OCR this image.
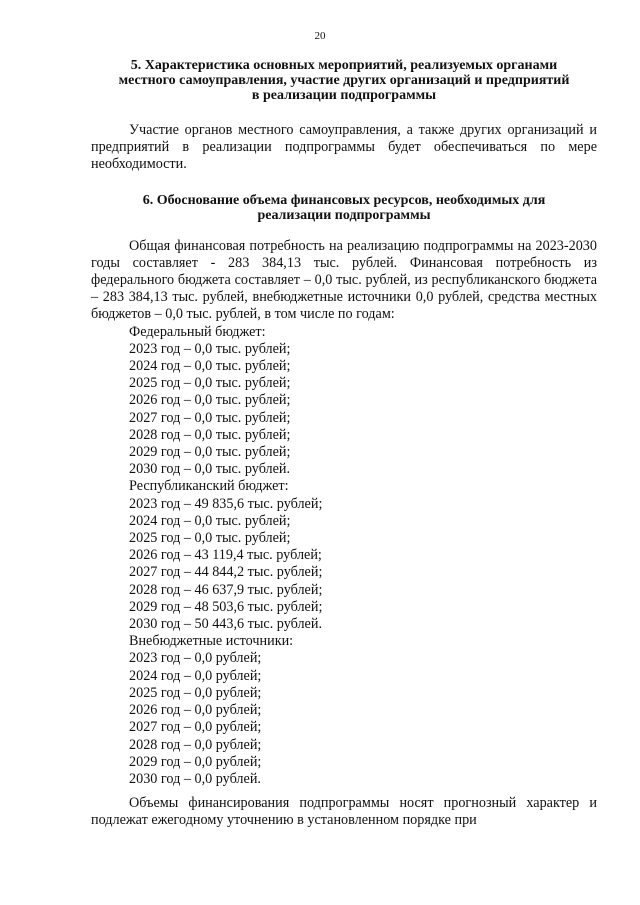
20
5. Характеристика основных мероприятий, реализуемых органами
местного самоуправления, участие других организаций и предприятий
в реализации подпрограммы

Участие органов местного самоуправления, а также других организаций и предприятий в реализации подпрограммы будет обеспечиваться по мере необходимости.

6. Обоснование объема финансовых ресурсов, необходимых для
реализации подпрограммы

Общая финансовая потребность на реализацию подпрограммы на 2023-2030 годы составляет - 283 384,13 тыс. рублей. Финансовая потребность из федерального бюджета составляет – 0,0 тыс. рублей, из республиканского бюджета – 283 384,13 тыс. рублей, внебюджетные источники 0,0 рублей, средства местных бюджетов – 0,0 тыс. рублей, в том числе по годам:

Федеральный бюджет:
2023 год – 0,0 тыс. рублей;
2024 год – 0,0 тыс. рублей;
2025 год – 0,0 тыс. рублей;
2026 год – 0,0 тыс. рублей;
2027 год – 0,0 тыс. рублей;
2028 год – 0,0 тыс. рублей;
2029 год – 0,0 тыс. рублей;
2030 год – 0,0 тыс. рублей.
Республиканский бюджет:
2023 год – 49 835,6 тыс. рублей;
2024 год – 0,0 тыс. рублей;
2025 год – 0,0 тыс. рублей;
2026 год – 43 119,4 тыс. рублей;
2027 год – 44 844,2 тыс. рублей;
2028 год – 46 637,9 тыс. рублей;
2029 год – 48 503,6 тыс. рублей;
2030 год – 50 443,6 тыс. рублей.
Внебюджетные источники:
2023 год – 0,0 рублей;
2024 год – 0,0 рублей;
2025 год – 0,0 рублей;
2026 год – 0,0 рублей;
2027 год – 0,0 рублей;
2028 год – 0,0 рублей;
2029 год – 0,0 рублей;
2030 год – 0,0 рублей.

Объемы финансирования подпрограммы носят прогнозный характер и подлежат ежегодному уточнению в установленном порядке при
